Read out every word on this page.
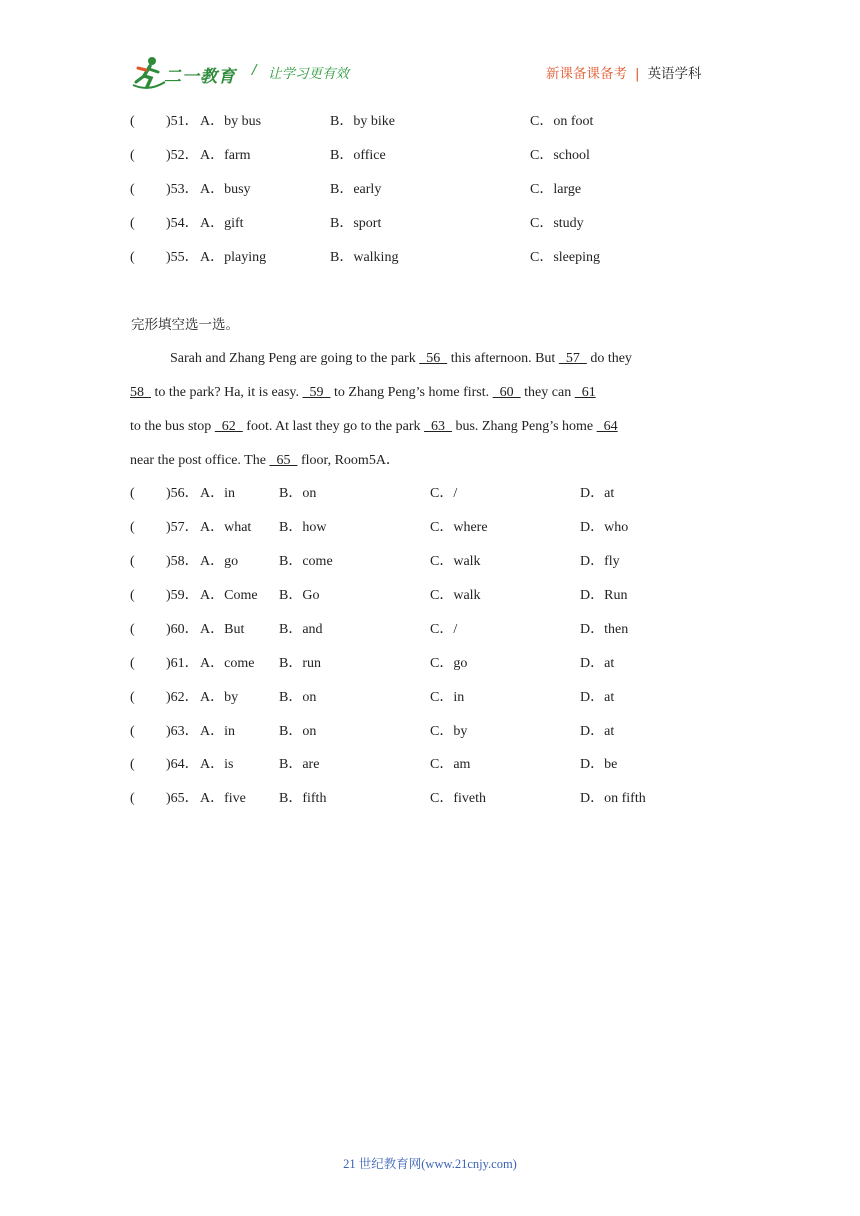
二一教育 / 让学习更有效	新课备课备考 | 英语学科
( )51． A．by bus	B．by bike	C．on foot
( )52． A．farm	B．office	C．school
( )53． A．busy	B．early	C．large
( )54． A．gift	B．sport	C．study
( )55． A．playing	B．walking	C．sleeping
完形填空选一选。
Sarah and Zhang Peng are going to the park   56   this afternoon. But   57   do they
58   to the park? Ha, it is easy.   59   to Zhang Peng’s home first.   60   they can   61
to the bus stop   62   foot. At last they go to the park   63   bus. Zhang Peng’s home   64
near the post office. The   65   floor, Room5A．
( )56． A．in	B．on	C．/	D．at
( )57． A．what B．how	C．where	D．who
( )58． A．go	B．come	C．walk	D．fly
( )59． A．Come B．Go	C．walk	D．Run
( )60． A．But B．and	C．/	D．then
( )61． A．come B．run	C．go	D．at
( )62． A．by	B．on	C．in	D．at
( )63． A．in	B．on	C．by	D．at
( )64． A．is	B．are	C．am	D．be
( )65． A．five B．fifth	C．fiveth	D．on fifth
21 世纪教育网(www.21cnjy.com)
